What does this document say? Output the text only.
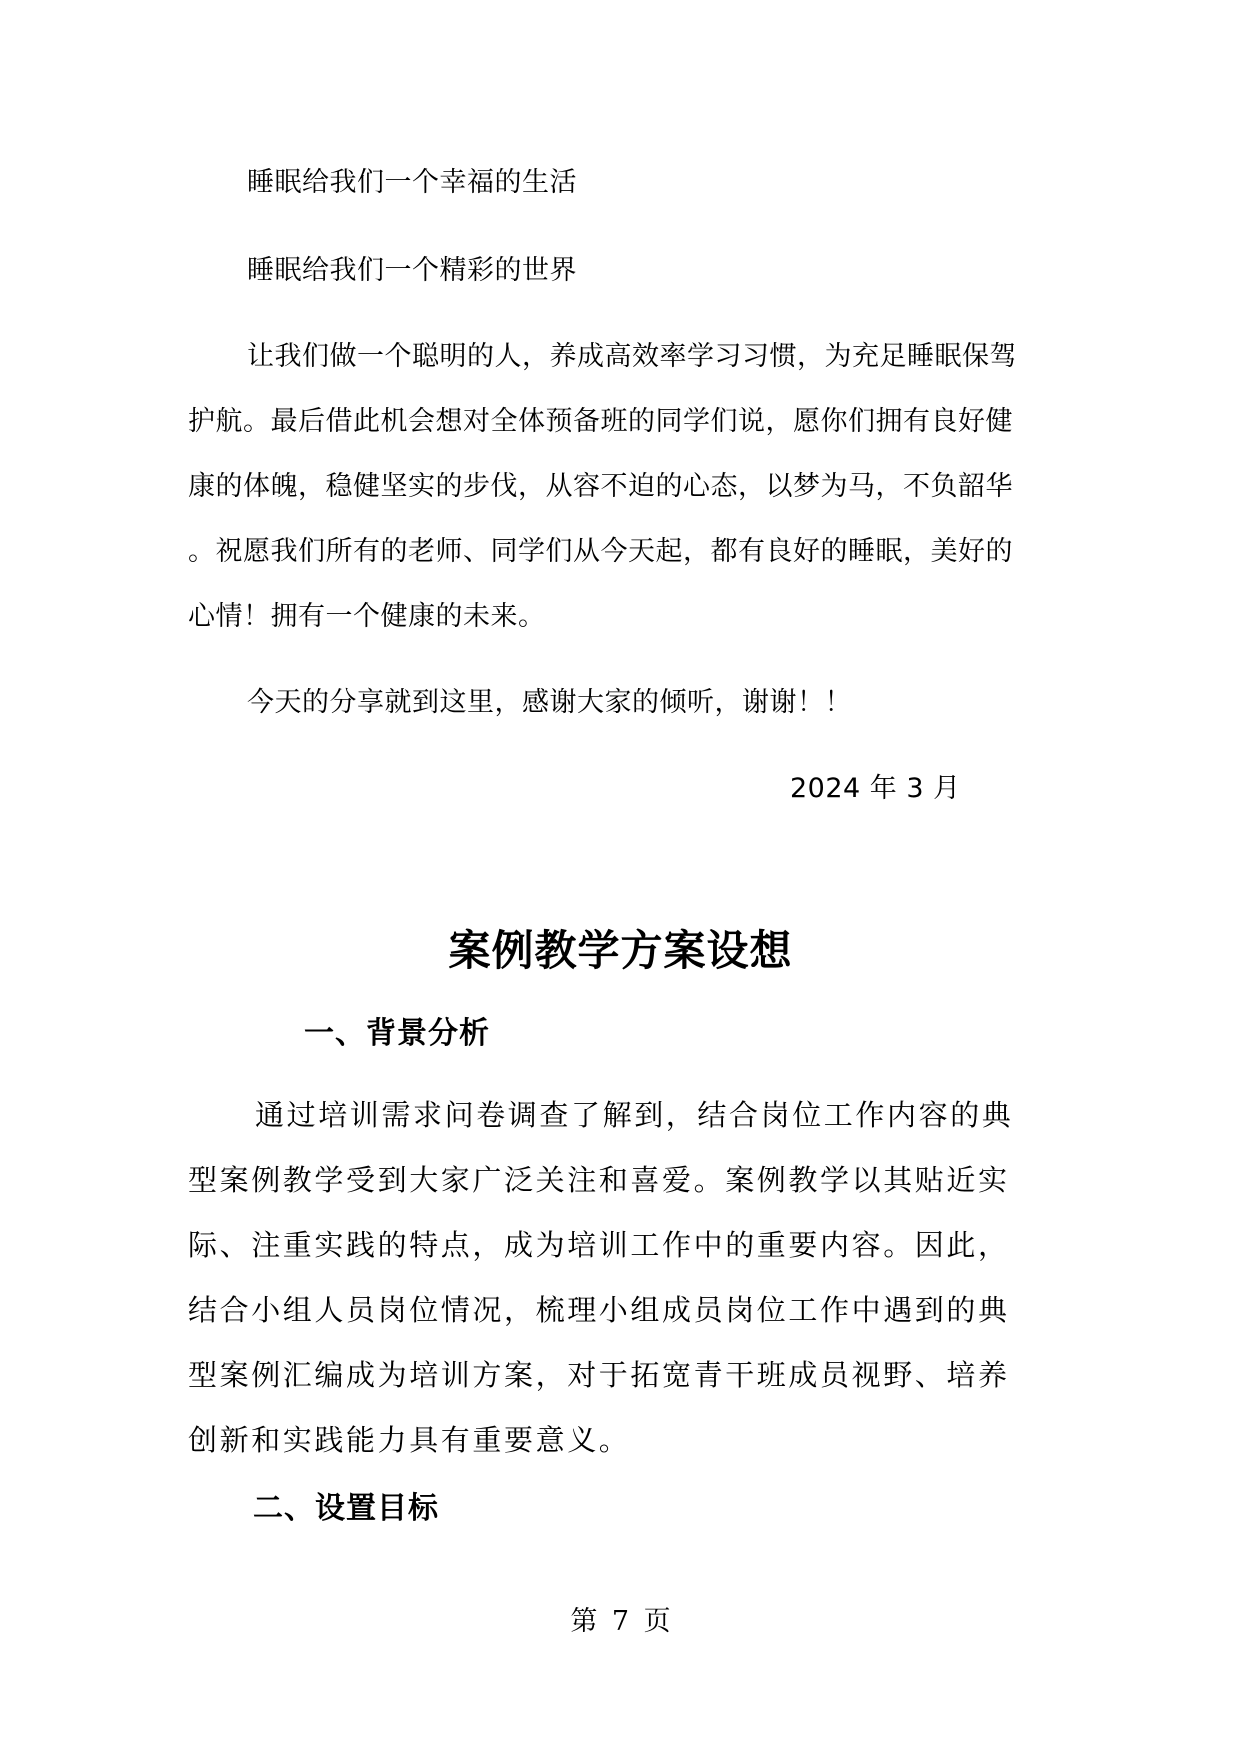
睡眠给我们一个幸福的生活

睡眠给我们一个精彩的世界

让我们做一个聪明的人，养成高效率学习习惯，为充足睡眠保驾

护航。最后借此机会想对全体预备班的同学们说，愿你们拥有良好健

康的体魄，稳健坚实的步伐，从容不迫的心态，以梦为马，不负韶华

。祝愿我们所有的老师、同学们从今天起，都有良好的睡眠，美好的

心情！拥有一个健康的未来。

今天的分享就到这里，感谢大家的倾听，谢谢！！

2024 年 3 月

案例教学方案设想
一、背景分析

通过培训需求问卷调查了解到，结合岗位工作内容的典

型案例教学受到大家广泛关注和喜爱。案例教学以其贴近实

际、注重实践的特点，成为培训工作中的重要内容。因此，

结合小组人员岗位情况，梳理小组成员岗位工作中遇到的典

型案例汇编成为培训方案，对于拓宽青干班成员视野、培养

创新和实践能力具有重要意义。

二、设置目标

第 7 页
